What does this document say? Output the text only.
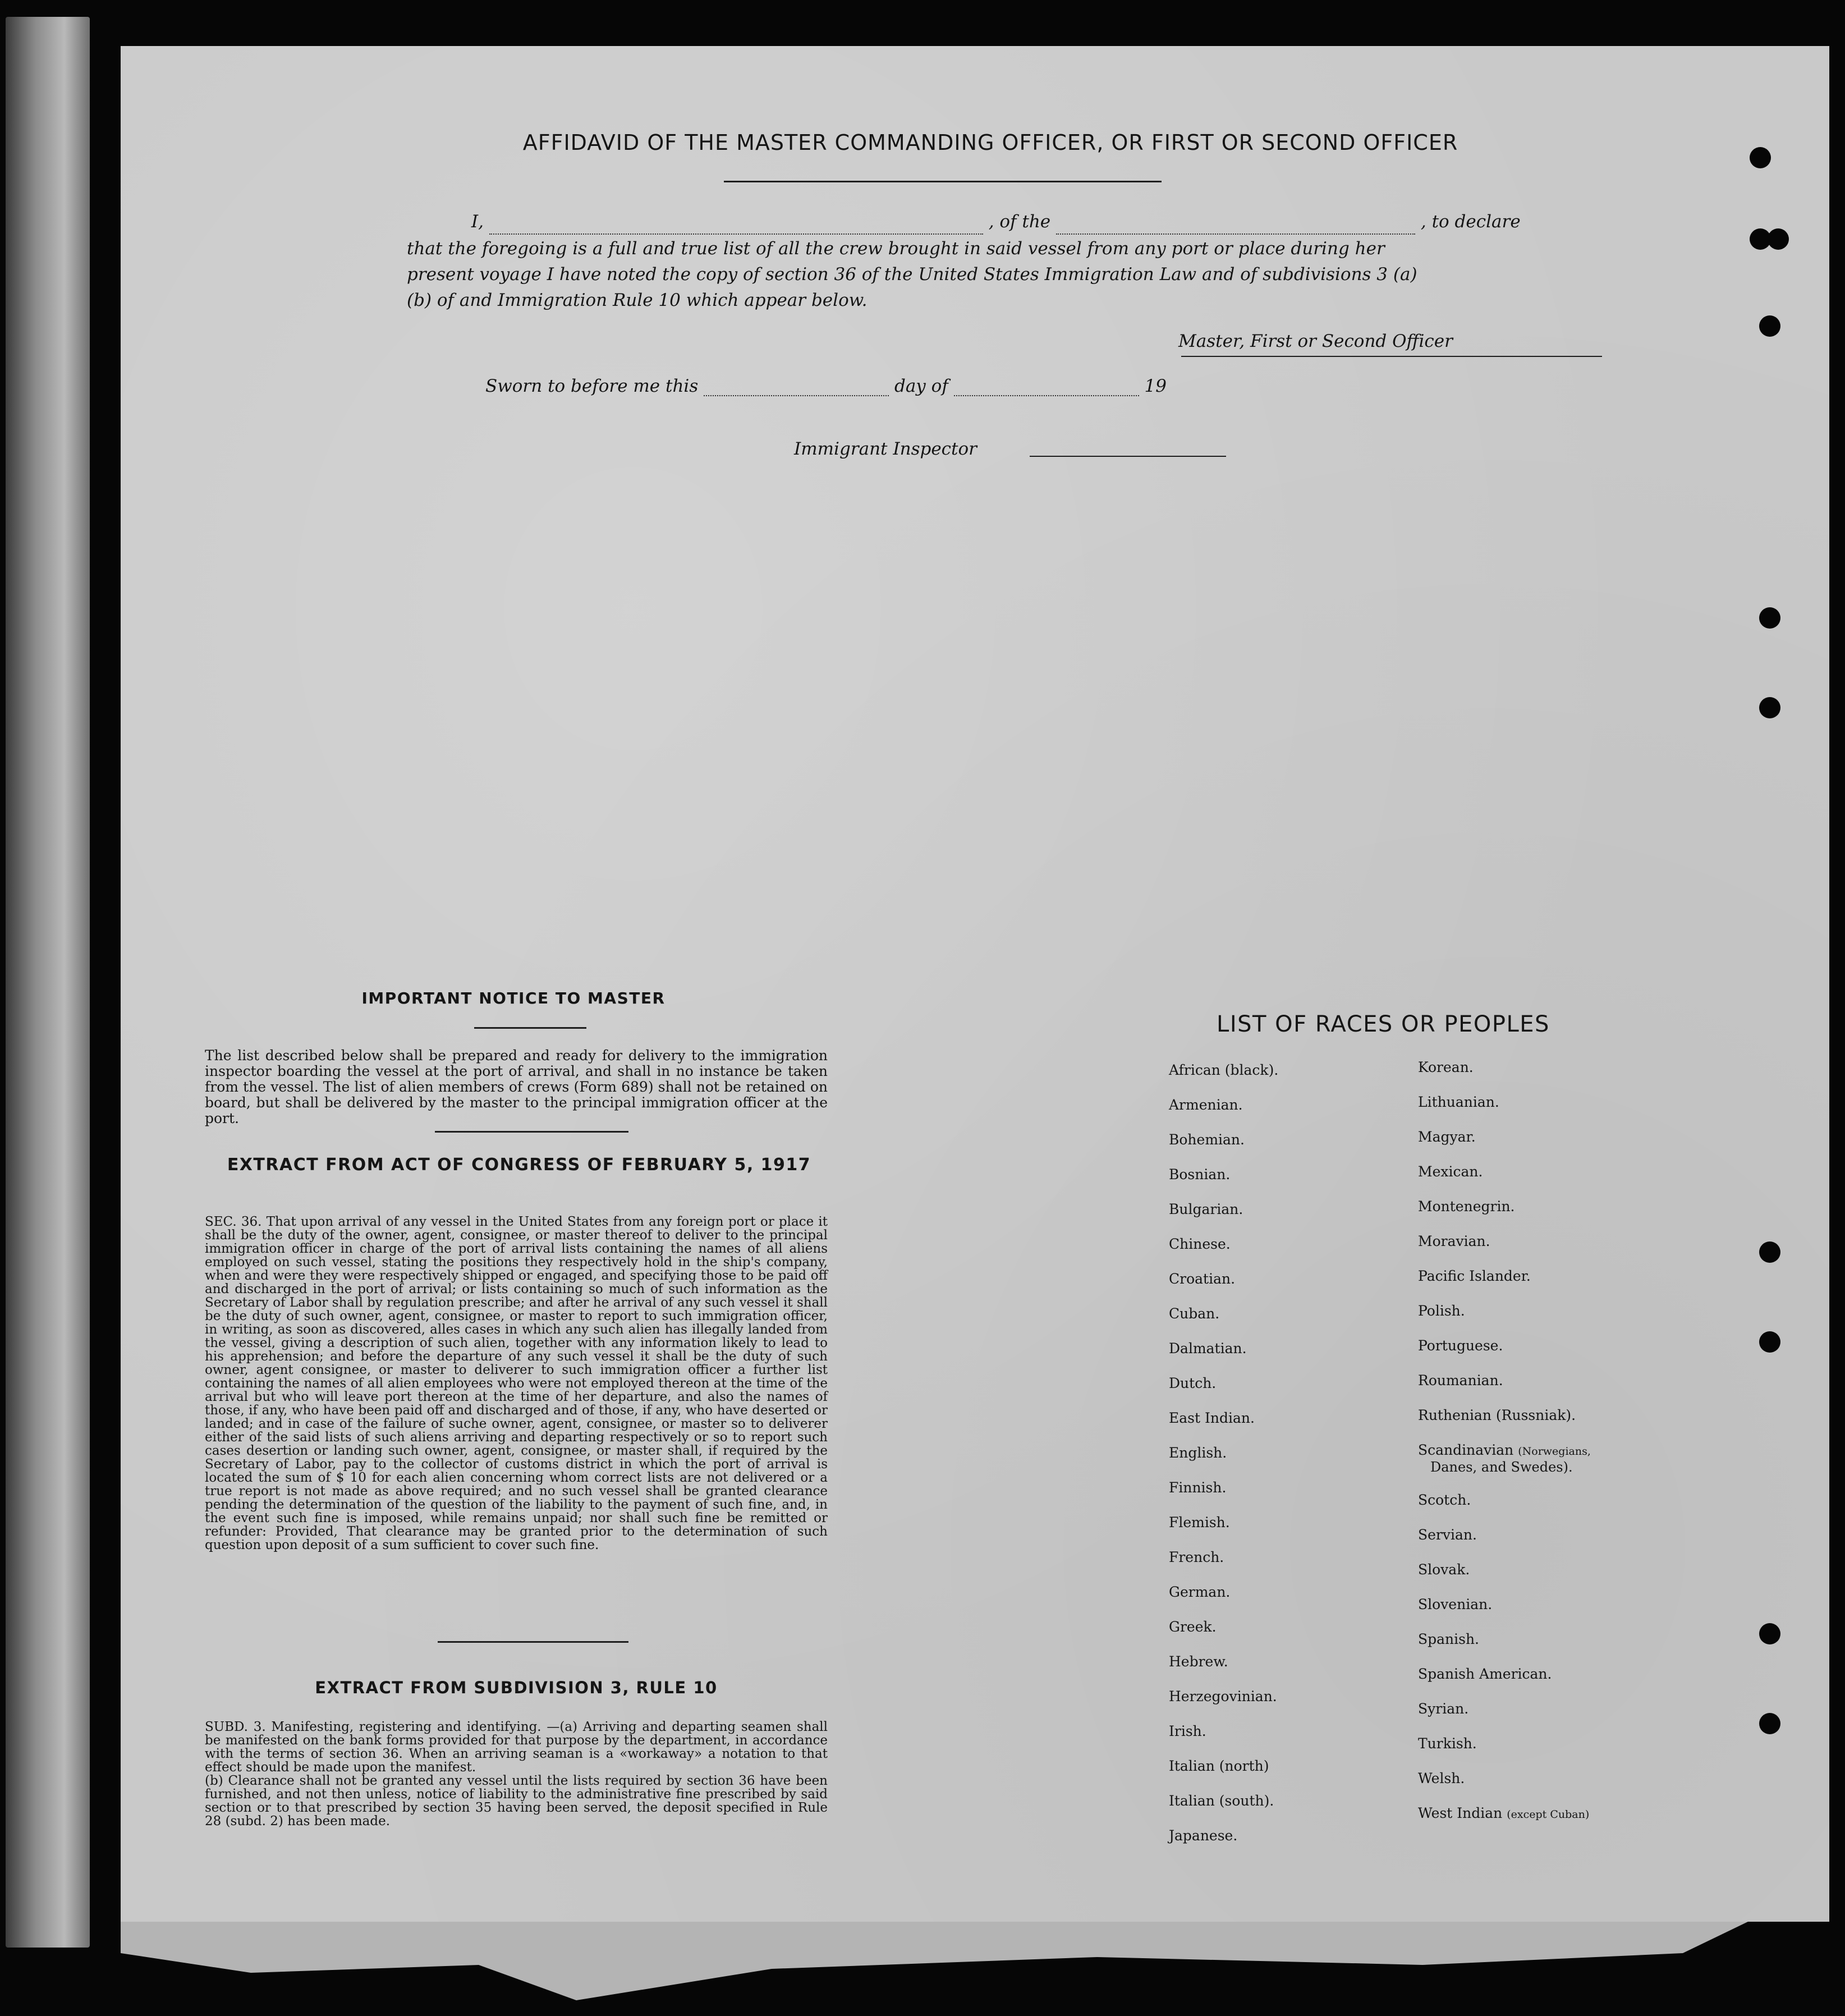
AFFIDAVID OF THE MASTER COMMANDING OFFICER, OR FIRST OR SECOND OFFICER
I,	, of the	, to declare
that the foregoing is a full and true list of all the crew brought in said vessel from any port or place during her
present voyage I have noted the copy of section 36 of the United States Immigration Law and of subdivisions 3 (a)
(b) of and Immigration Rule 10 which appear below.
Master, First or Second Officer
Sworn to before me this	day of	19
Immigrant Inspector
IMPORTANT NOTICE TO MASTER
The list described below shall be prepared and ready for delivery to the immigration inspector boarding the vessel at the port of arrival, and shall in no instance be taken from the vessel. The list of alien members of crews (Form 689) shall not be retained on board, but shall be delivered by the master to the principal immigration officer at the port.
EXTRACT FROM ACT OF CONGRESS OF FEBRUARY 5, 1917
SEC. 36. That upon arrival of any vessel in the United States from any foreign port or place it shall be the duty of the owner, agent, consignee, or master thereof to deliver to the principal immigration officer in charge of the port of arrival lists containing the names of all aliens employed on such vessel, stating the positions they respectively hold in the ship's company, when and were they were respectively shipped or engaged, and specifying those to be paid off and discharged in the port of arrival; or lists containing so much of such information as the Secretary of Labor shall by regulation prescribe; and after he arrival of any such vessel it shall be the duty of such owner, agent, consignee, or master to report to such immigration officer, in writing, as soon as discovered, alles cases in which any such alien has illegally landed from the vessel, giving a description of such alien, together with any information likely to lead to his apprehension; and before the departure of any such vessel it shall be the duty of such owner, agent consignee, or master to deliverer to such immigration officer a further list containing the names of all alien employees who were not employed thereon at the time of the arrival but who will leave port thereon at the time of her departure, and also the names of those, if any, who have been paid off and discharged and of those, if any, who have deserted or landed; and in case of the failure of suche owner, agent, consignee, or master so to deliverer either of the said lists of such aliens arriving and departing respectively or so to report such cases desertion or landing such owner, agent, consignee, or master shall, if required by the Secretary of Labor, pay to the collector of customs district in which the port of arrival is located the sum of $ 10 for each alien concerning whom correct lists are not delivered or a true report is not made as above required; and no such vessel shall be granted clearance pending the determination of the question of the liability to the payment of such fine, and, in the event such fine is imposed, while remains unpaid; nor shall such fine be remitted or refunder: Provided, That clearance may be granted prior to the determination of such question upon deposit of a sum sufficient to cover such fine.
EXTRACT FROM SUBDIVISION 3, RULE 10
SUBD. 3. Manifesting, registering and identifying. —(a) Arriving and departing seamen shall be manifested on the bank forms provided for that purpose by the department, in accordance with the terms of section 36. When an arriving seaman is a «workaway» a notation to that effect should be made upon the manifest.
(b) Clearance shall not be granted any vessel until the lists required by section 36 have been furnished, and not then unless, notice of liability to the administrative fine prescribed by said section or to that prescribed by section 35 having been served, the deposit specified in Rule 28 (subd. 2) has been made.
LIST OF RACES OR PEOPLES
African (black).
Armenian.
Bohemian.
Bosnian.
Bulgarian.
Chinese.
Croatian.
Cuban.
Dalmatian.
Dutch.
East Indian.
English.
Finnish.
Flemish.
French.
German.
Greek.
Hebrew.
Herzegovinian.
Irish.
Italian (north)
Italian (south).
Japanese.
Korean.
Lithuanian.
Magyar.
Mexican.
Montenegrin.
Moravian.
Pacific Islander.
Polish.
Portuguese.
Roumanian.
Ruthenian (Russniak).
Scandinavian (Norwegians,
Danes, and Swedes).
Scotch.
Servian.
Slovak.
Slovenian.
Spanish.
Spanish American.
Syrian.
Turkish.
Welsh.
West Indian (except Cuban)
